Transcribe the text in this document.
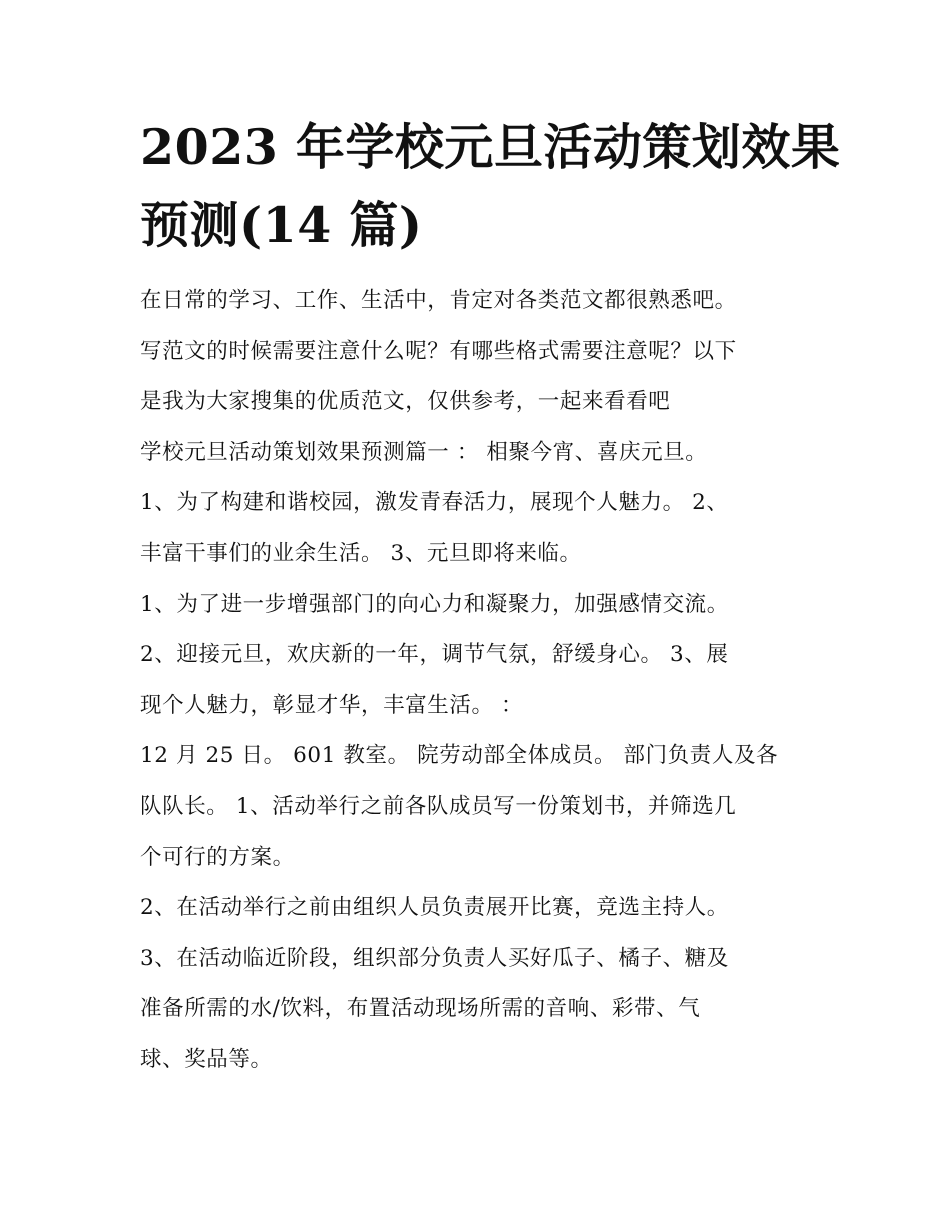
2023 年学校元旦活动策划效果
预测(14 篇)
在日常的学习、工作、生活中，肯定对各类范文都很熟悉吧。
写范文的时候需要注意什么呢？有哪些格式需要注意呢？以下
是我为大家搜集的优质范文，仅供参考，一起来看看吧
学校元旦活动策划效果预测篇一 ： 相聚今宵、喜庆元旦。
1、为了构建和谐校园，激发青春活力，展现个人魅力。 2、
丰富干事们的业余生活。 3、元旦即将来临。
1、为了进一步增强部门的向心力和凝聚力，加强感情交流。
2、迎接元旦，欢庆新的一年，调节气氛，舒缓身心。 3、展
现个人魅力，彰显才华，丰富生活。 ：
12 月 25 日。 601 教室。 院劳动部全体成员。 部门负责人及各
队队长。 1、活动举行之前各队成员写一份策划书，并筛选几
个可行的方案。
2、在活动举行之前由组织人员负责展开比赛，竞选主持人。
3、在活动临近阶段，组织部分负责人买好瓜子、橘子、糖及
准备所需的水/饮料，布置活动现场所需的音响、彩带、气
球、奖品等。
